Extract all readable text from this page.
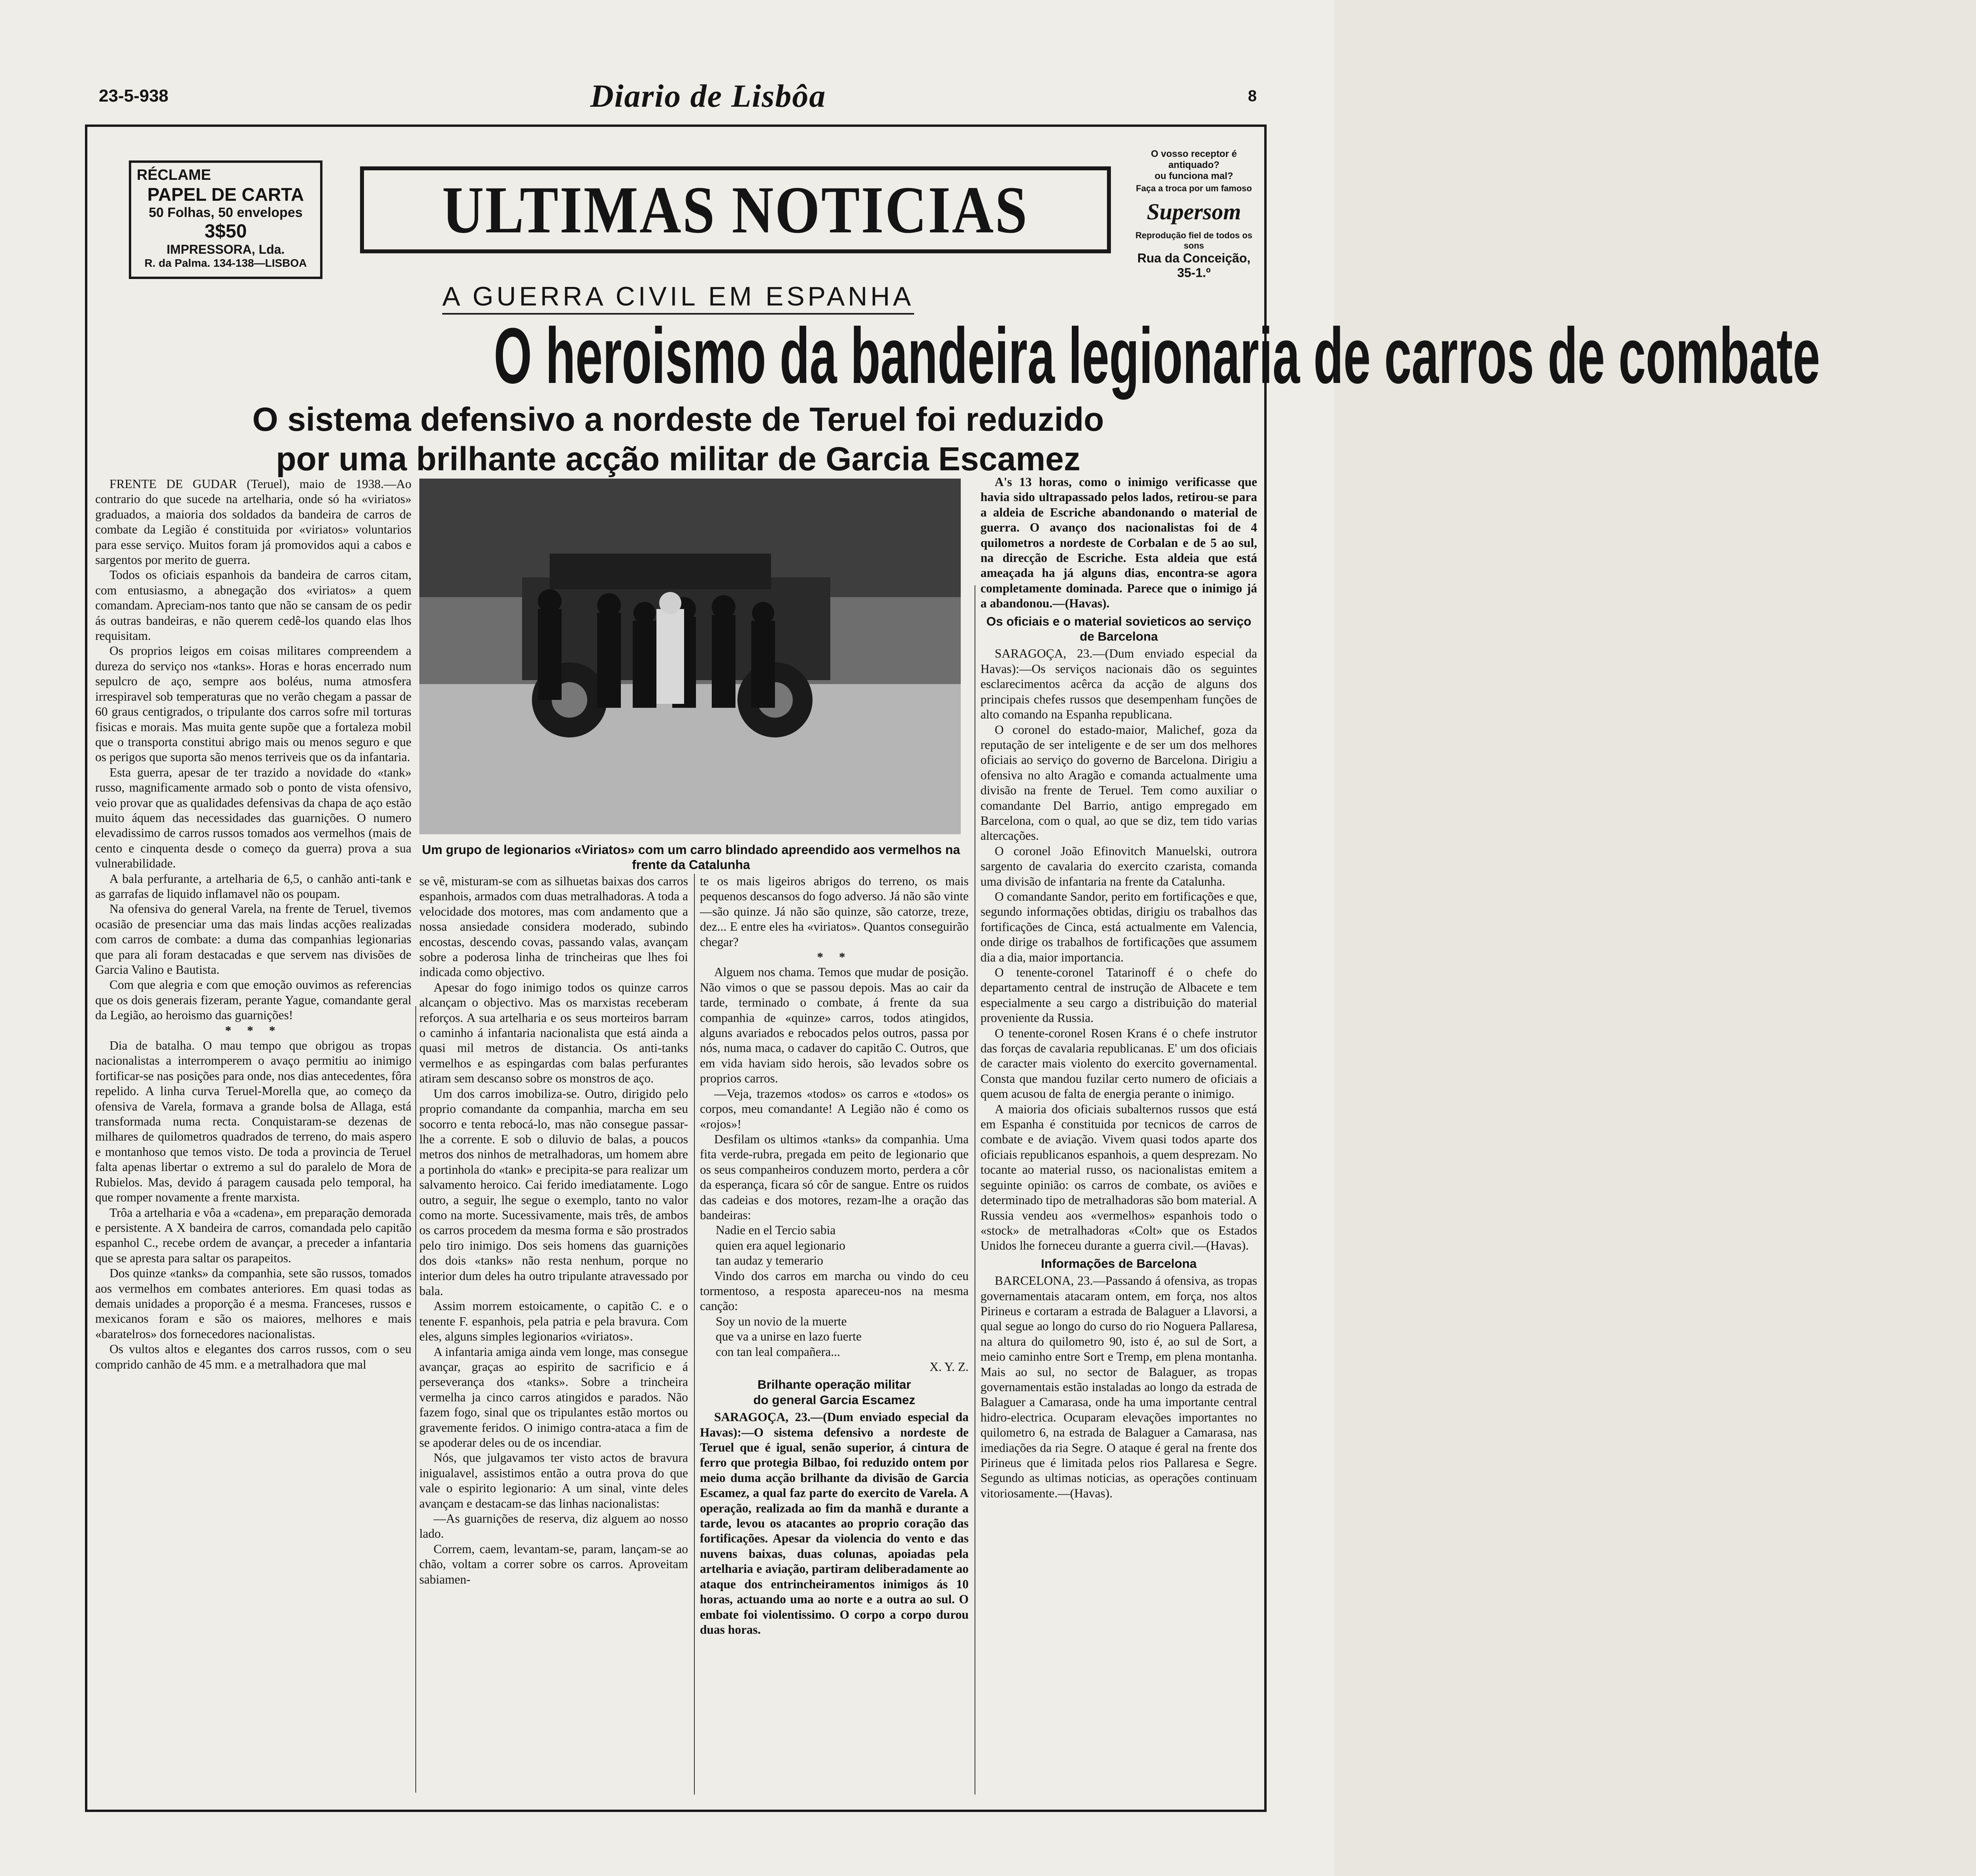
23-5-938	Diario de Lisbôa	8
RÉCLAME
PAPEL DE CARTA
50 Folhas, 50 envelopes
3$50
IMPRESSORA, Lda.
R. da Palma. 134-138—LISBOA
ULTIMAS NOTICIAS
O vosso receptor é antiquado?
ou funciona mal?
Faça a troca por um famoso
Supersom
Reprodução fiel de todos os sons
Rua da Conceição, 35-1.º
A GUERRA CIVIL EM ESPANHA
O heroismo da bandeira legionaria de carros de combate
O sistema defensivo a nordeste de Teruel foi reduzido
por uma brilhante acção militar de Garcia Escamez
Um grupo de legionarios «Viriatos» com um carro blindado apreendido aos vermelhos na frente da Catalunha

FRENTE DE GUDAR (Teruel), maio de 1938.—Ao contrario do que sucede na artelharia, onde só ha «viriatos» graduados, a maioria dos soldados da bandeira de carros de combate da Legião é constituida por «viriatos» voluntarios para esse serviço. Muitos foram já promovidos aqui a cabos e sargentos por merito de guerra.

Todos os oficiais espanhois da bandeira de carros citam, com entusiasmo, a abnegação dos «viriatos» a quem comandam. Apreciam-nos tanto que não se cansam de os pedir ás outras bandeiras, e não querem cedê-los quando elas lhos requisitam.

Os proprios leigos em coisas militares compreendem a dureza do serviço nos «tanks». Horas e horas encerrado num sepulcro de aço, sempre aos boléus, numa atmosfera irrespiravel sob temperaturas que no verão chegam a passar de 60 graus centigrados, o tripulante dos carros sofre mil torturas fisicas e morais. Mas muita gente supõe que a fortaleza mobil que o transporta constitui abrigo mais ou menos seguro e que os perigos que suporta são menos terriveis que os da infantaria.

Esta guerra, apesar de ter trazido a novidade do «tank» russo, magnificamente armado sob o ponto de vista ofensivo, veio provar que as qualidades defensivas da chapa de aço estão muito áquem das necessidades das guarnições. O numero elevadissimo de carros russos tomados aos vermelhos (mais de cento e cinquenta desde o começo da guerra) prova a sua vulnerabilidade.

A bala perfurante, a artelharia de 6,5, o canhão anti-tank e as garrafas de liquido inflamavel não os poupam.

Na ofensiva do general Varela, na frente de Teruel, tivemos ocasião de presenciar uma das mais lindas acções realizadas com carros de combate: a duma das companhias legionarias que para ali foram destacadas e que servem nas divisões de Garcia Valino e Bautista.

Com que alegria e com que emoção ouvimos as referencias que os dois generais fizeram, perante Yague, comandante geral da Legião, ao heroismo das guarnições!

* * *

Dia de batalha. O mau tempo que obrigou as tropas nacionalistas a interromperem o avaço permitiu ao inimigo fortificar-se nas posições para onde, nos dias antecedentes, fôra repelido. A linha curva Teruel-Morella que, ao começo da ofensiva de Varela, formava a grande bolsa de Allaga, está transformada numa recta. Conquistaram-se dezenas de milhares de quilometros quadrados de terreno, do mais aspero e montanhoso que temos visto. De toda a provincia de Teruel falta apenas libertar o extremo a sul do paralelo de Mora de Rubielos. Mas, devido á paragem causada pelo temporal, ha que romper novamente a frente marxista.

Trôa a artelharia e vôa a «cadena», em preparação demorada e persistente. A X bandeira de carros, comandada pelo capitão espanhol C., recebe ordem de avançar, a preceder a infantaria que se apresta para saltar os parapeitos.

Dos quinze «tanks» da companhia, sete são russos, tomados aos vermelhos em combates anteriores. Em quasi todas as demais unidades a proporção é a mesma. Franceses, russos e mexicanos foram e são os maiores, melhores e mais «baratelros» dos fornecedores nacionalistas.

Os vultos altos e elegantes dos carros russos, com o seu comprido canhão de 45 mm. e a metralhadora que mal

se vê, misturam-se com as silhuetas baixas dos carros espanhois, armados com duas metralhadoras. A toda a velocidade dos motores, mas com andamento que a nossa ansiedade considera moderado, subindo encostas, descendo covas, passando valas, avançam sobre a poderosa linha de trincheiras que lhes foi indicada como objectivo.

Apesar do fogo inimigo todos os quinze carros alcançam o objectivo. Mas os marxistas receberam reforços. A sua artelharia e os seus morteiros barram o caminho á infantaria nacionalista que está ainda a quasi mil metros de distancia. Os anti-tanks vermelhos e as espingardas com balas perfurantes atiram sem descanso sobre os monstros de aço.

Um dos carros imobiliza-se. Outro, dirigido pelo proprio comandante da companhia, marcha em seu socorro e tenta rebocá-lo, mas não consegue passar-lhe a corrente. E sob o diluvio de balas, a poucos metros dos ninhos de metralhadoras, um homem abre a portinhola do «tank» e precipita-se para realizar um salvamento heroico. Cai ferido imediatamente. Logo outro, a seguir, lhe segue o exemplo, tanto no valor como na morte. Sucessivamente, mais três, de ambos os carros procedem da mesma forma e são prostrados pelo tiro inimigo. Dos seis homens das guarnições dos dois «tanks» não resta nenhum, porque no interior dum deles ha outro tripulante atravessado por bala.

Assim morrem estoicamente, o capitão C. e o tenente F. espanhois, pela patria e pela bravura. Com eles, alguns simples legionarios «viriatos».

A infantaria amiga ainda vem longe, mas consegue avançar, graças ao espirito de sacrificio e á perseverança dos «tanks». Sobre a trincheira vermelha ja cinco carros atingidos e parados. Não fazem fogo, sinal que os tripulantes estão mortos ou gravemente feridos. O inimigo contra-ataca a fim de se apoderar deles ou de os incendiar.

Nós, que julgavamos ter visto actos de bravura inigualavel, assistimos então a outra prova do que vale o espirito legionario: A um sinal, vinte deles avançam e destacam-se das linhas nacionalistas:

—As guarnições de reserva, diz alguem ao nosso lado.

Correm, caem, levantam-se, param, lançam-se ao chão, voltam a correr sobre os carros. Aproveitam sabiamen-

te os mais ligeiros abrigos do terreno, os mais pequenos descansos do fogo adverso. Já não são vinte—são quinze. Já não são quinze, são catorze, treze, dez... E entre eles ha «viriatos». Quantos conseguirão chegar?

* *

Alguem nos chama. Temos que mudar de posição. Não vimos o que se passou depois. Mas ao cair da tarde, terminado o combate, á frente da sua companhia de «quinze» carros, todos atingidos, alguns avariados e rebocados pelos outros, passa por nós, numa maca, o cadaver do capitão C. Outros, que em vida haviam sido herois, são levados sobre os proprios carros.

—Veja, trazemos «todos» os carros e «todos» os corpos, meu comandante! A Legião não é como os «rojos»!

Desfilam os ultimos «tanks» da companhia. Uma fita verde-rubra, pregada em peito de legionario que os seus companheiros conduzem morto, perdera a côr da esperança, ficara só côr de sangue. Entre os ruidos das cadeias e dos motores, rezam-lhe a oração das bandeiras:

Nadie en el Tercio sabia

quien era aquel legionario

tan audaz y temerario

Vindo dos carros em marcha ou vindo do ceu tormentoso, a resposta apareceu-nos na mesma canção:

Soy un novio de la muerte

que va a unirse en lazo fuerte

con tan leal compañera...

X. Y. Z.

Brilhante operação militar
do general Garcia Escamez

SARAGOÇA, 23.—(Dum enviado especial da Havas):—O sistema defensivo a nordeste de Teruel que é igual, senão superior, á cintura de ferro que protegia Bilbao, foi reduzido ontem por meio duma acção brilhante da divisão de Garcia Escamez, a qual faz parte do exercito de Varela. A operação, realizada ao fim da manhã e durante a tarde, levou os atacantes ao proprio coração das fortificações. Apesar da violencia do vento e das nuvens baixas, duas colunas, apoiadas pela artelharia e aviação, partiram deliberadamente ao ataque dos entrincheiramentos inimigos ás 10 horas, actuando uma ao norte e a outra ao sul. O embate foi violentissimo. O corpo a corpo durou duas horas.

A's 13 horas, como o inimigo verificasse que havia sido ultrapassado pelos lados, retirou-se para a aldeia de Escriche abandonando o material de guerra. O avanço dos nacionalistas foi de 4 quilometros a nordeste de Corbalan e de 5 ao sul, na direcção de Escriche. Esta aldeia que está ameaçada ha já alguns dias, encontra-se agora completamente dominada. Parece que o inimigo já a abandonou.—(Havas).

Os oficiais e o material sovieticos ao serviço de Barcelona

SARAGOÇA, 23.—(Dum enviado especial da Havas):—Os serviços nacionais dão os seguintes esclarecimentos acêrca da acção de alguns dos principais chefes russos que desempenham funções de alto comando na Espanha republicana.

O coronel do estado-maior, Malichef, goza da reputação de ser inteligente e de ser um dos melhores oficiais ao serviço do governo de Barcelona. Dirigiu a ofensiva no alto Aragão e comanda actualmente uma divisão na frente de Teruel. Tem como auxiliar o comandante Del Barrio, antigo empregado em Barcelona, com o qual, ao que se diz, tem tido varias altercações.

O coronel João Efinovitch Manuelski, outrora sargento de cavalaria do exercito czarista, comanda uma divisão de infantaria na frente da Catalunha.

O comandante Sandor, perito em fortificações e que, segundo informações obtidas, dirigiu os trabalhos das fortificações de Cinca, está actualmente em Valencia, onde dirige os trabalhos de fortificações que assumem dia a dia, maior importancia.

O tenente-coronel Tatarinoff é o chefe do departamento central de instrução de Albacete e tem especialmente a seu cargo a distribuição do material proveniente da Russia.

O tenente-coronel Rosen Krans é o chefe instrutor das forças de cavalaria republicanas. E' um dos oficiais de caracter mais violento do exercito governamental. Consta que mandou fuzilar certo numero de oficiais a quem acusou de falta de energia perante o inimigo.

A maioria dos oficiais subalternos russos que está em Espanha é constituida por tecnicos de carros de combate e de aviação. Vivem quasi todos aparte dos oficiais republicanos espanhois, a quem desprezam. No tocante ao material russo, os nacionalistas emitem a seguinte opinião: os carros de combate, os aviões e determinado tipo de metralhadoras são bom material. A Russia vendeu aos «vermelhos» espanhois todo o «stock» de metralhadoras «Colt» que os Estados Unidos lhe forneceu durante a guerra civil.—(Havas).

Informações de Barcelona

BARCELONA, 23.—Passando á ofensiva, as tropas governamentais atacaram ontem, em força, nos altos Pirineus e cortaram a estrada de Balaguer a Llavorsi, a qual segue ao longo do curso do rio Noguera Pallaresa, na altura do quilometro 90, isto é, ao sul de Sort, a meio caminho entre Sort e Tremp, em plena montanha. Mais ao sul, no sector de Balaguer, as tropas governamentais estão instaladas ao longo da estrada de Balaguer a Camarasa, onde ha uma importante central hidro-electrica. Ocuparam elevações importantes no quilometro 6, na estrada de Balaguer a Camarasa, nas imediações da ria Segre. O ataque é geral na frente dos Pirineus que é limitada pelos rios Pallaresa e Segre. Segundo as ultimas noticias, as operações continuam vitoriosamente.—(Havas).
